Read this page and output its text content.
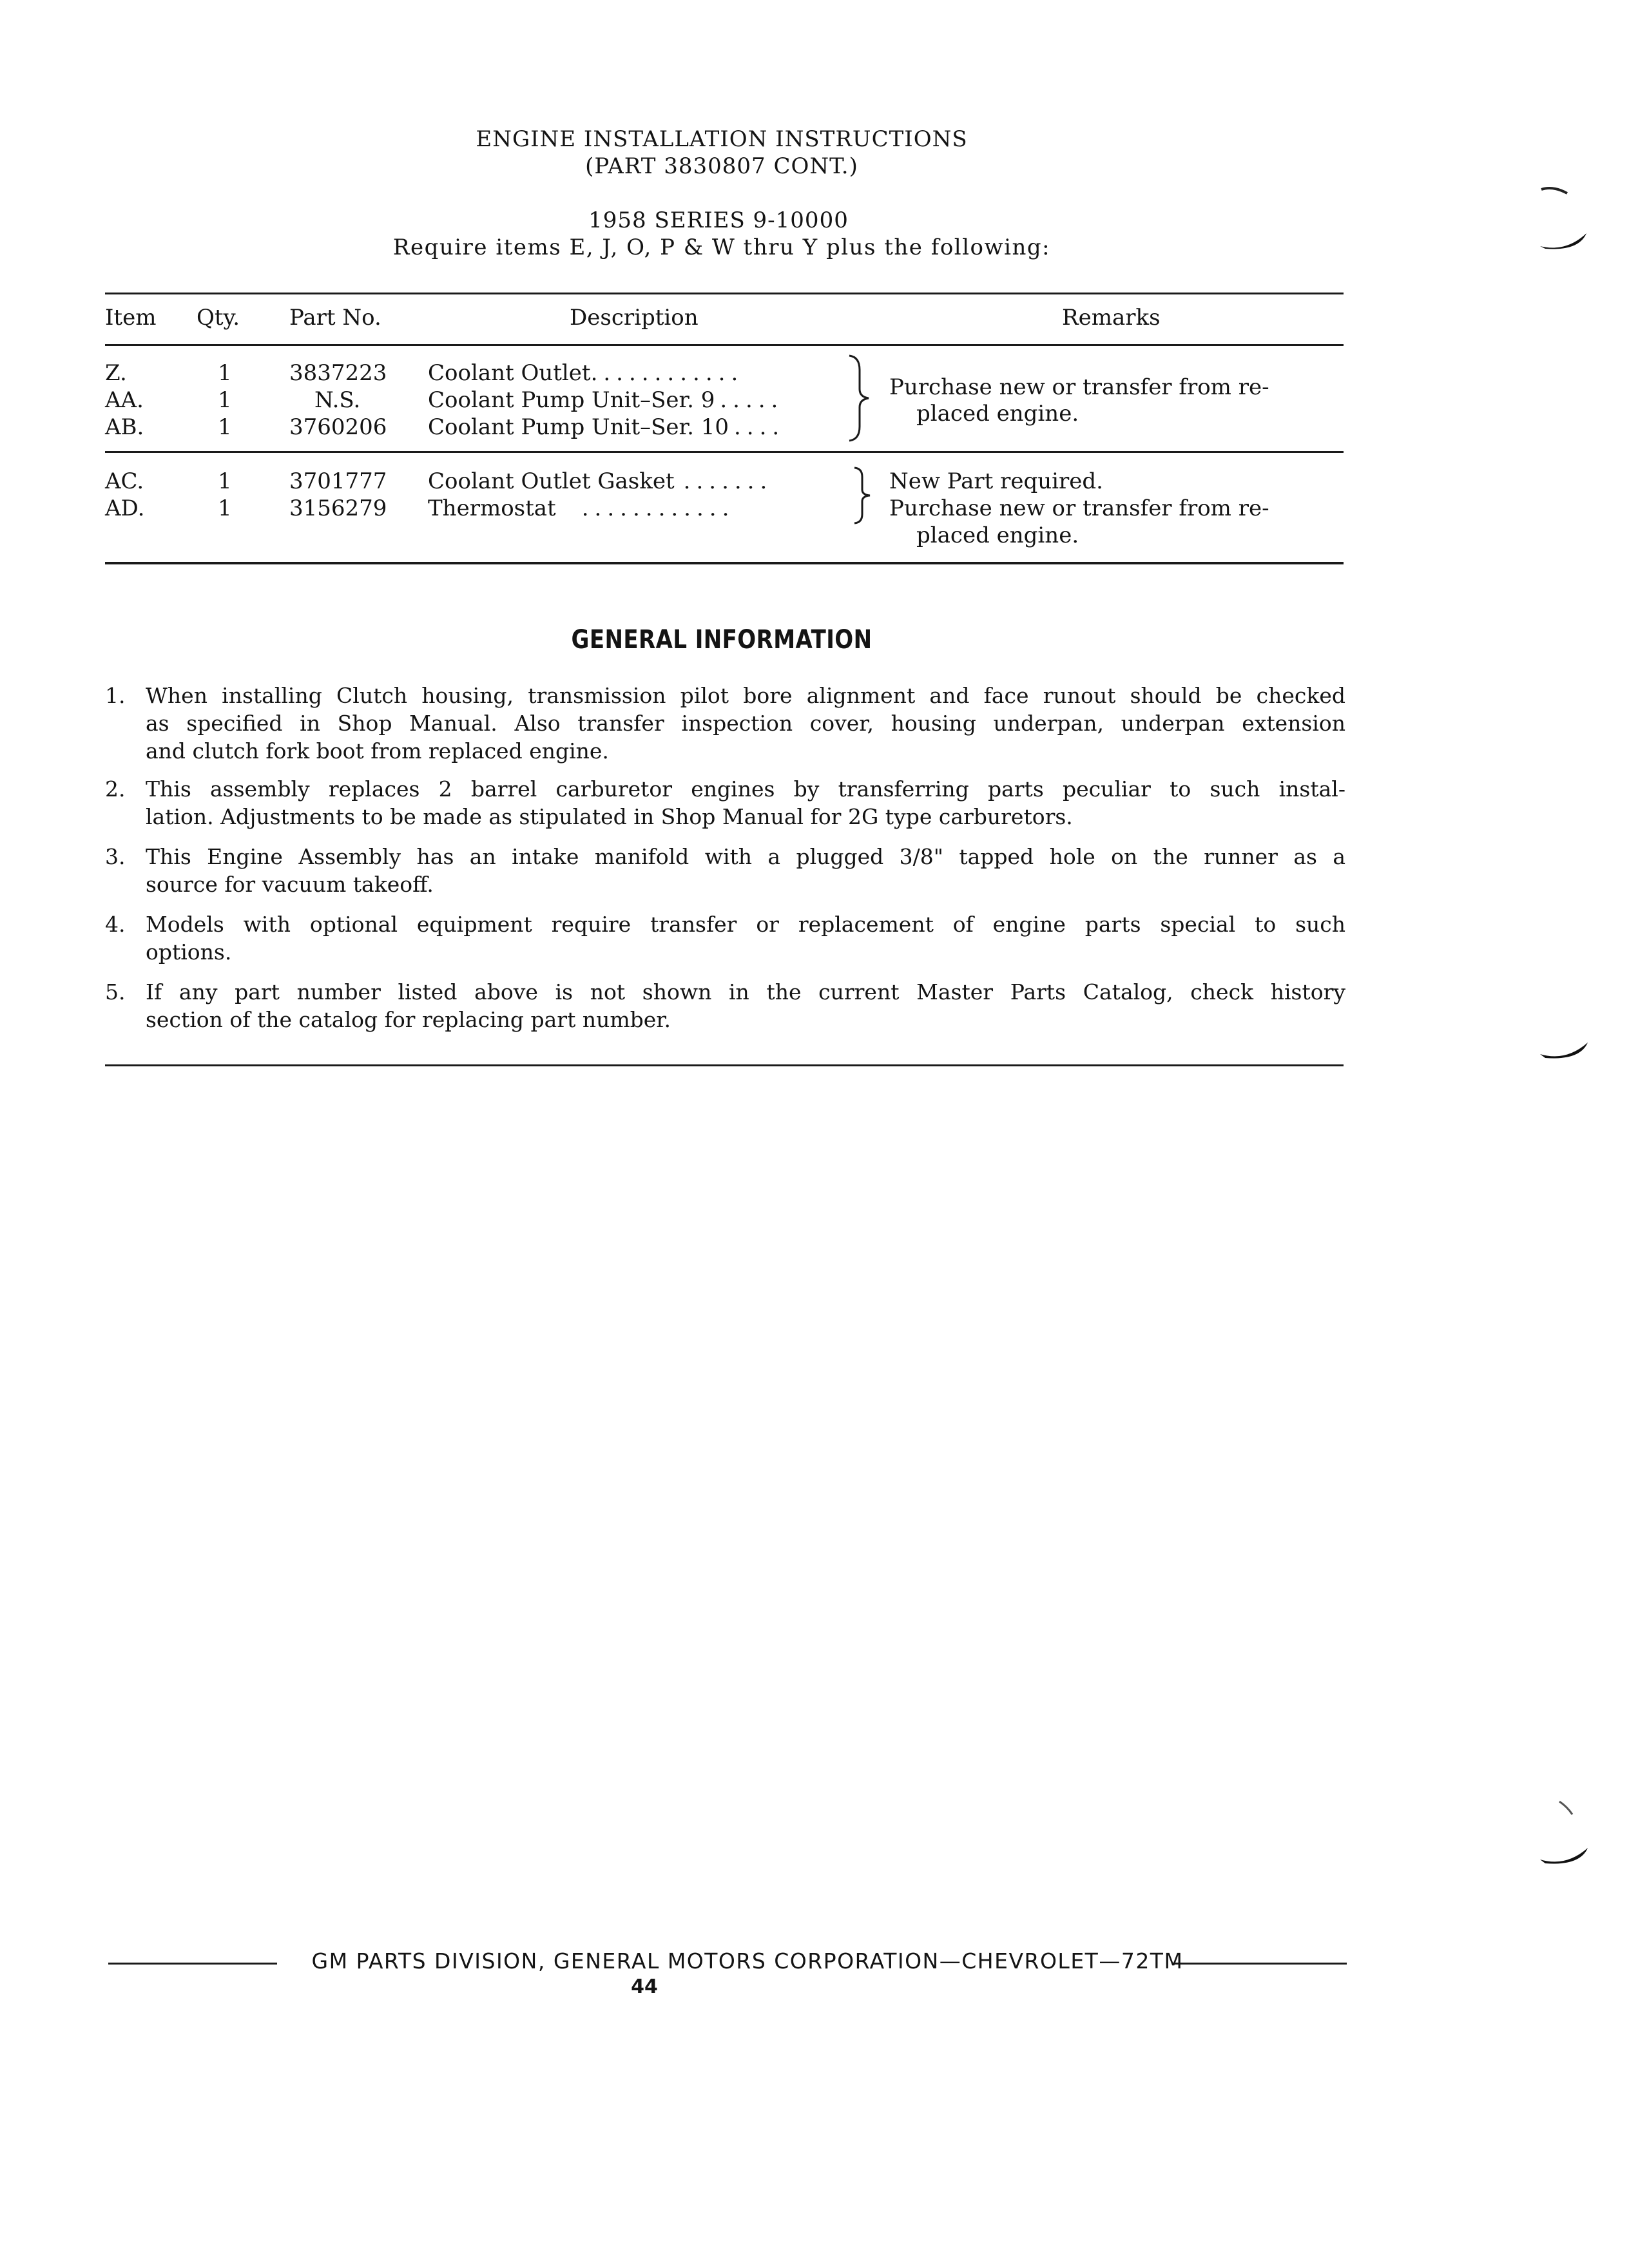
ENGINE INSTALLATION INSTRUCTIONS
(PART 3830807 CONT.)
1958 SERIES 9-10000
Require items E, J, O, P & W thru Y plus the following:
Item Qty. Part No.	Description	Remarks
Z.	1	3837223 Coolant Outlet............
AA.	1	N.S.	Coolant Pump Unit–Ser. 9 .....
AB.	1	3760206 Coolant Pump Unit–Ser. 10 ....
Purchase new or transfer from re-
placed engine.
AC.	1	3701777 Coolant Outlet Gasket .......
AD.	1	3156279 Thermostat ............
New Part required.
Purchase new or transfer from re-
placed engine.
GENERAL INFORMATION
1. When installing Clutch housing, transmission pilot bore alignment and face runout should be checked
as specified in Shop Manual. Also transfer inspection cover, housing underpan, underpan extension
and clutch fork boot from replaced engine.
2. This assembly replaces 2 barrel carburetor engines by transferring parts peculiar to such instal-
lation. Adjustments to be made as stipulated in Shop Manual for 2G type carburetors.
3. This Engine Assembly has an intake manifold with a plugged 3/8" tapped hole on the runner as a
source for vacuum takeoff.
4. Models with optional equipment require transfer or replacement of engine parts special to such
options.
5. If any part number listed above is not shown in the current Master Parts Catalog, check history
section of the catalog for replacing part number.
GM PARTS DIVISION, GENERAL MOTORS CORPORATION—CHEVROLET—72TM
44
